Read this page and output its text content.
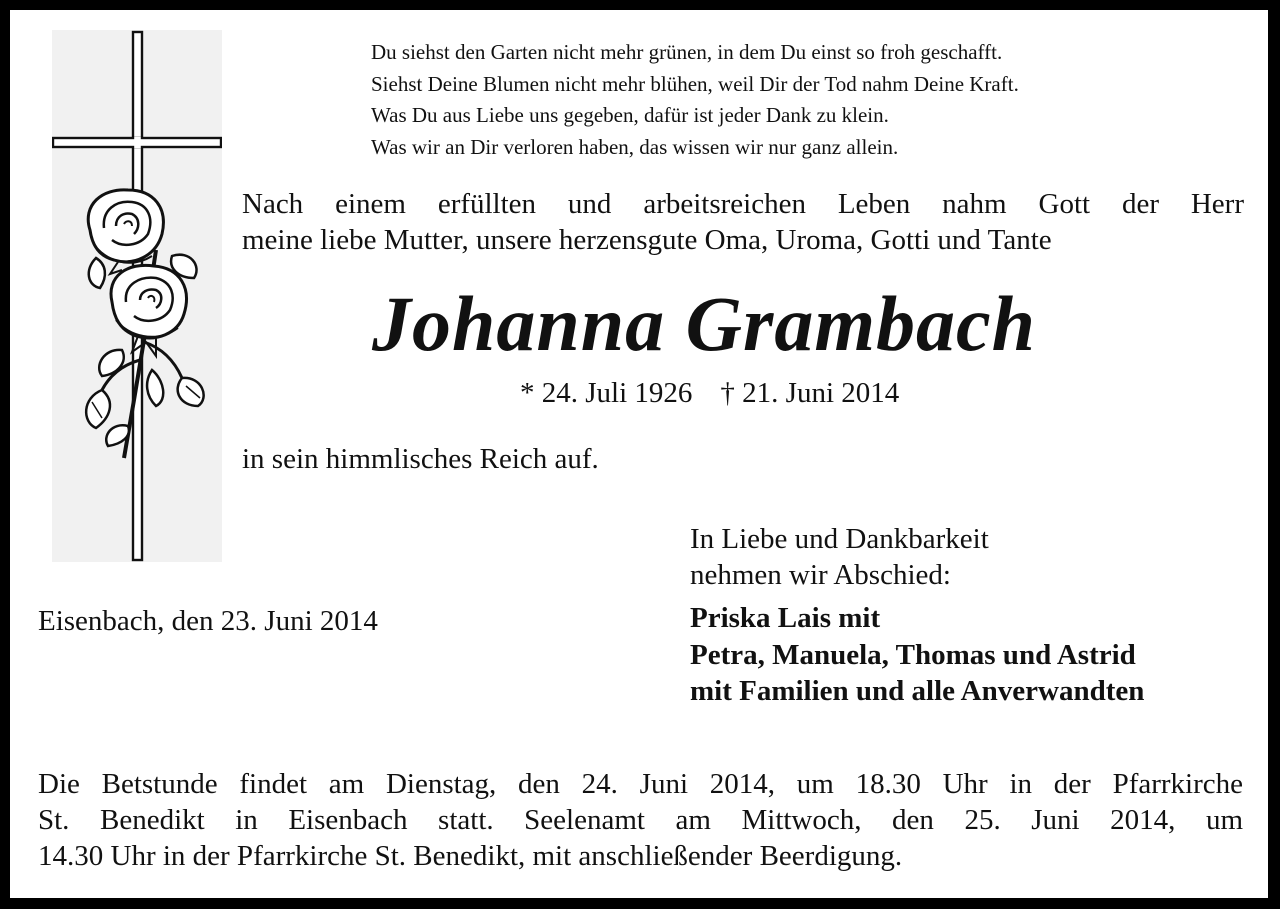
Du siehst den Garten nicht mehr grünen, in dem Du einst so froh geschafft.
Siehst Deine Blumen nicht mehr blühen, weil Dir der Tod nahm Deine Kraft.
Was Du aus Liebe uns gegeben, dafür ist jeder Dank zu klein.
Was wir an Dir verloren haben, das wissen wir nur ganz allein.
Nach einem erfüllten und arbeitsreichen Leben nahm Gott der Herr
meine liebe Mutter, unsere herzensgute Oma, Uroma, Gotti und Tante
Johanna Grambach
* 24. Juli 1926 † 21. Juni 2014
in sein himmlisches Reich auf.
In Liebe und Dankbarkeit
nehmen wir Abschied:
Eisenbach, den 23. Juni 2014	Priska Lais mit
Petra, Manuela, Thomas und Astrid
mit Familien und alle Anverwandten
Die Betstunde findet am Dienstag, den 24. Juni 2014, um 18.30 Uhr in der Pfarrkirche
St. Benedikt in Eisenbach statt. Seelenamt am Mittwoch, den 25. Juni 2014, um
14.30 Uhr in der Pfarrkirche St. Benedikt, mit anschließender Beerdigung.
